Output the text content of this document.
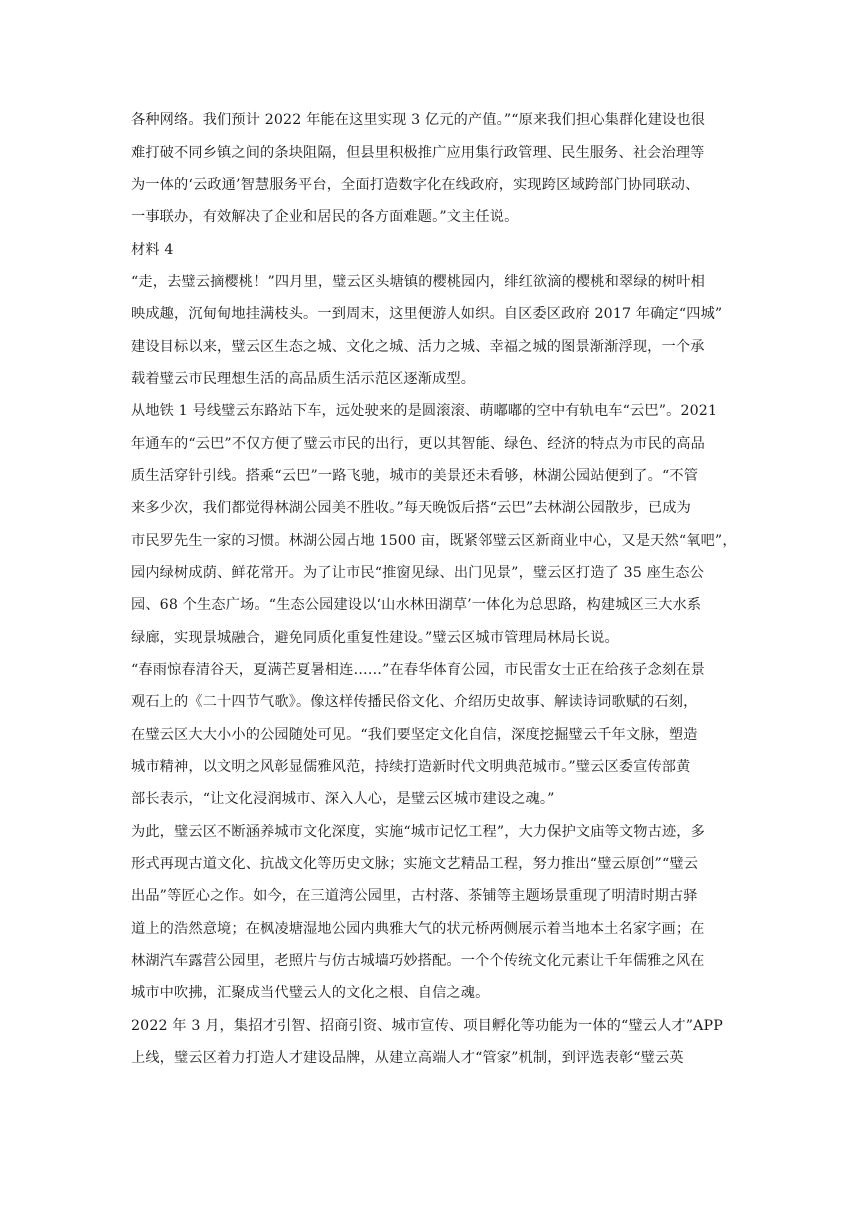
各种网络。我们预计 2022 年能在这里实现 3 亿元的产值。”“原来我们担心集群化建设也很
难打破不同乡镇之间的条块阻隔，但县里积极推广应用集行政管理、民生服务、社会治理等
为一体的‘云政通’智慧服务平台，全面打造数字化在线政府，实现跨区域跨部门协同联动、
一事联办，有效解决了企业和居民的各方面难题。”文主任说。
材料 4
“走，去璧云摘樱桃！”四月里，璧云区头塘镇的樱桃园内，绯红欲滴的樱桃和翠绿的树叶相
映成趣，沉甸甸地挂满枝头。一到周末，这里便游人如织。自区委区政府 2017 年确定“四城”
建设目标以来，璧云区生态之城、文化之城、活力之城、幸福之城的图景渐渐浮现，一个承
载着璧云市民理想生活的高品质生活示范区逐渐成型。
从地铁 1 号线璧云东路站下车，远处驶来的是圆滚滚、萌嘟嘟的空中有轨电车“云巴”。2021
年通车的“云巴”不仅方便了璧云市民的出行，更以其智能、绿色、经济的特点为市民的高品
质生活穿针引线。搭乘“云巴”一路飞驰，城市的美景还未看够，林湖公园站便到了。“不管
来多少次，我们都觉得林湖公园美不胜收。”每天晚饭后搭“云巴”去林湖公园散步，已成为
市民罗先生一家的习惯。林湖公园占地 1500 亩，既紧邻璧云区新商业中心，又是天然“氧吧”，
园内绿树成荫、鲜花常开。为了让市民“推窗见绿、出门见景”，璧云区打造了 35 座生态公
园、68 个生态广场。“生态公园建设以‘山水林田湖草’一体化为总思路，构建城区三大水系
绿廊，实现景城融合，避免同质化重复性建设。”璧云区城市管理局林局长说。
“春雨惊春清谷天，夏满芒夏暑相连……”在春华体育公园，市民雷女士正在给孩子念刻在景
观石上的《二十四节气歌》。像这样传播民俗文化、介绍历史故事、解读诗词歌赋的石刻，
在璧云区大大小小的公园随处可见。“我们要坚定文化自信，深度挖掘璧云千年文脉，塑造
城市精神，以文明之风彰显儒雅风范，持续打造新时代文明典范城市。”璧云区委宣传部黄
部长表示，“让文化浸润城市、深入人心，是璧云区城市建设之魂。”
为此，璧云区不断涵养城市文化深度，实施“城市记忆工程”，大力保护文庙等文物古迹，多
形式再现古道文化、抗战文化等历史文脉；实施文艺精品工程，努力推出“璧云原创”“璧云
出品”等匠心之作。如今，在三道湾公园里，古村落、茶铺等主题场景重现了明清时期古驿
道上的浩然意境；在枫凌塘湿地公园内典雅大气的状元桥两侧展示着当地本土名家字画；在
林湖汽车露营公园里，老照片与仿古城墙巧妙搭配。一个个传统文化元素让千年儒雅之风在
城市中吹拂，汇聚成当代璧云人的文化之根、自信之魂。
2022 年 3 月，集招才引智、招商引资、城市宣传、项目孵化等功能为一体的“璧云人才”APP
上线，璧云区着力打造人才建设品牌，从建立高端人才“管家”机制，到评选表彰“璧云英
